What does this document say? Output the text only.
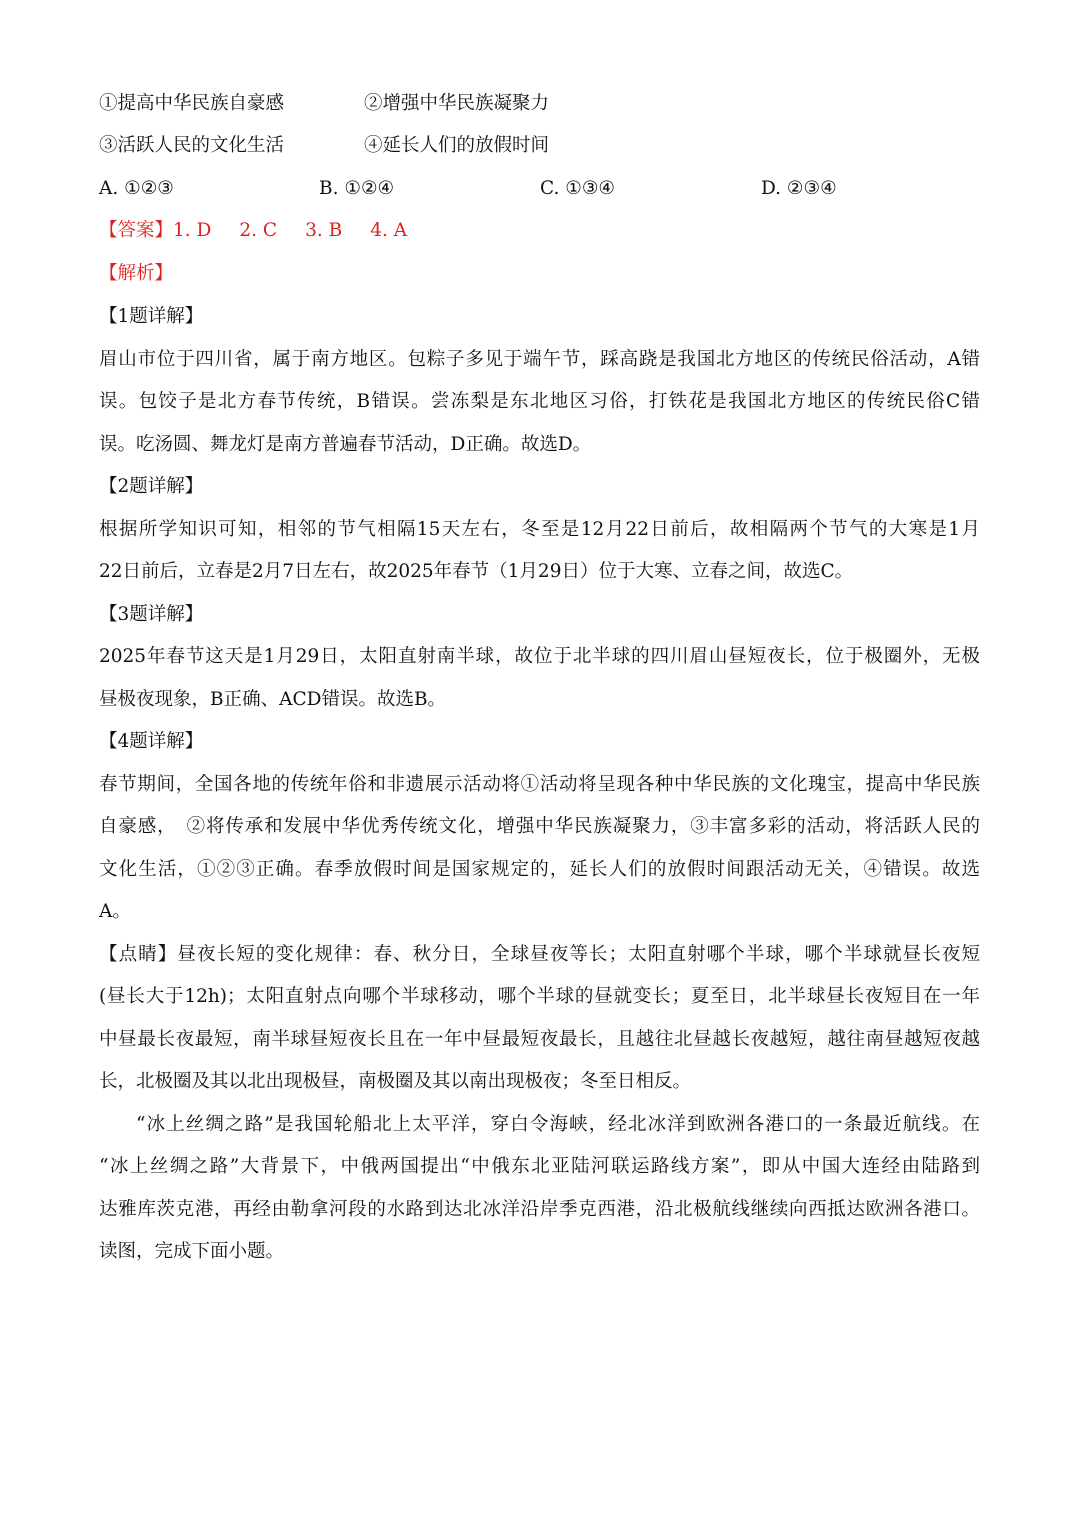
①提高中华民族自豪感	②增强中华民族凝聚力
③活跃人民的文化生活	④延长人们的放假时间
A. ①②③	B. ①②④	C. ①③④	D. ②③④
【答案】1. D 2. C 3. B 4. A
【解析】
【1题详解】
眉山市位于四川省，属于南方地区。包粽子多见于端午节，踩高跷是我国北方地区的传统民俗活动，A错
误。包饺子是北方春节传统，B错误。尝冻梨是东北地区习俗，打铁花是我国北方地区的传统民俗C错
误。吃汤圆、舞龙灯是南方普遍春节活动，D正确。故选D。
【2题详解】
根据所学知识可知，相邻的节气相隔15天左右，冬至是12月22日前后，故相隔两个节气的大寒是1月
22日前后，立春是2月7日左右，故2025年春节（1月29日）位于大寒、立春之间，故选C。
【3题详解】
2025年春节这天是1月29日，太阳直射南半球，故位于北半球的四川眉山昼短夜长，位于极圈外，无极
昼极夜现象，B正确、ACD错误。故选B。
【4题详解】
春节期间，全国各地的传统年俗和非遗展示活动将①活动将呈现各种中华民族的文化瑰宝，提高中华民族
自豪感，　②将传承和发展中华优秀传统文化，增强中华民族凝聚力，③丰富多彩的活动，将活跃人民的
文化生活，①②③正确。春季放假时间是国家规定的，延长人们的放假时间跟活动无关，④错误。故选
A。
【点睛】昼夜长短的变化规律：春、秋分日，全球昼夜等长；太阳直射哪个半球，哪个半球就昼长夜短
(昼长大于12h)；太阳直射点向哪个半球移动，哪个半球的昼就变长；夏至日，北半球昼长夜短目在一年
中昼最长夜最短，南半球昼短夜长且在一年中昼最短夜最长，且越往北昼越长夜越短，越往南昼越短夜越
长，北极圈及其以北出现极昼，南极圈及其以南出现极夜；冬至日相反。
“冰上丝绸之路”是我国轮船北上太平洋，穿白令海峡，经北冰洋到欧洲各港口的一条最近航线。在
“冰上丝绸之路”大背景下，中俄两国提出“中俄东北亚陆河联运路线方案”，即从中国大连经由陆路到
达雅库茨克港，再经由勒拿河段的水路到达北冰洋沿岸季克西港，沿北极航线继续向西抵达欧洲各港口。
读图，完成下面小题。
